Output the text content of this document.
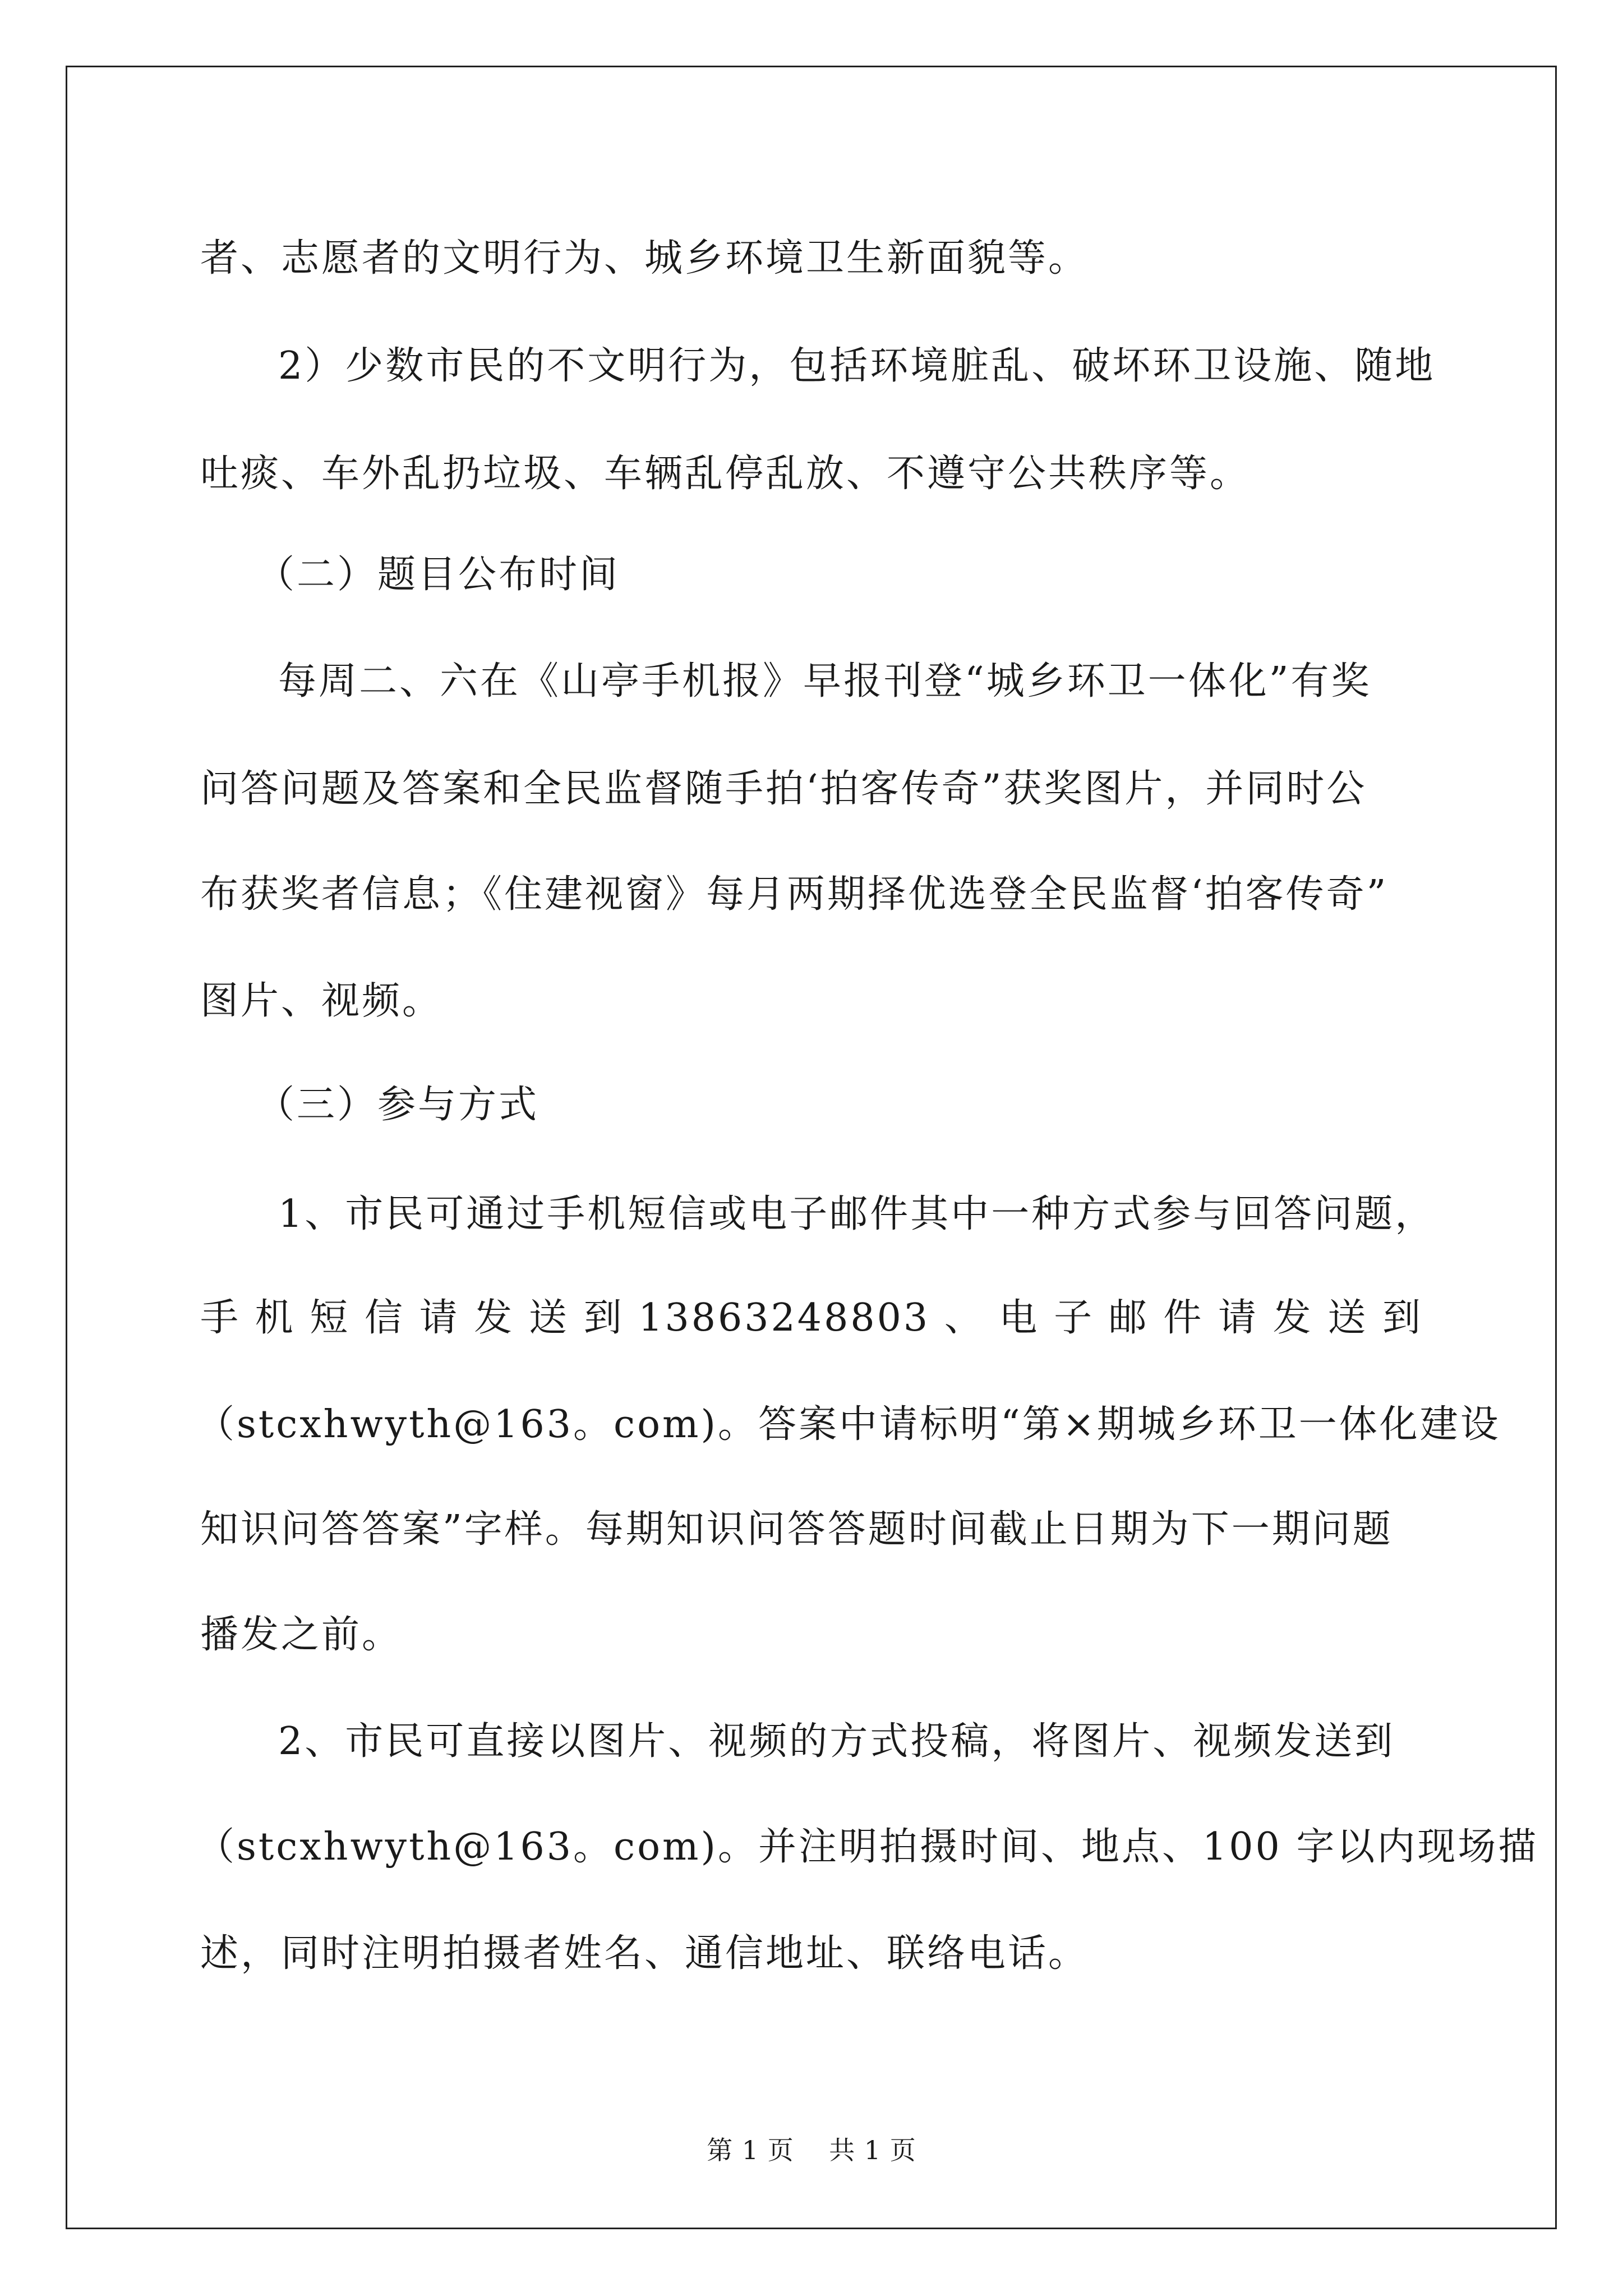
者、志愿者的文明行为、城乡环境卫生新面貌等。

2）少数市民的不文明行为，包括环境脏乱、破坏环卫设施、随地

吐痰、车外乱扔垃圾、车辆乱停乱放、不遵守公共秩序等。

（二）题目公布时间

每周二、六在《山亭手机报》早报刊登“城乡环卫一体化”有奖

问答问题及答案和全民监督随手拍‘拍客传奇”获奖图片，并同时公

布获奖者信息；《住建视窗》每月两期择优选登全民监督‘拍客传奇”

图片、视频。

（三）参与方式

1、市民可通过手机短信或电子邮件其中一种方式参与回答问题，

手 机 短 信 请 发 送 到 13863248803 、 电 子 邮 件 请 发 送 到

（stcxhwyth@163。com)。答案中请标明“第×期城乡环卫一体化建设

知识问答答案”字样。每期知识问答答题时间截止日期为下一期问题

播发之前。

2、市民可直接以图片、视频的方式投稿，将图片、视频发送到

（stcxhwyth@163。com)。并注明拍摄时间、地点、100 字以内现场描

述，同时注明拍摄者姓名、通信地址、联络电话。

第 1 页    共 1 页
